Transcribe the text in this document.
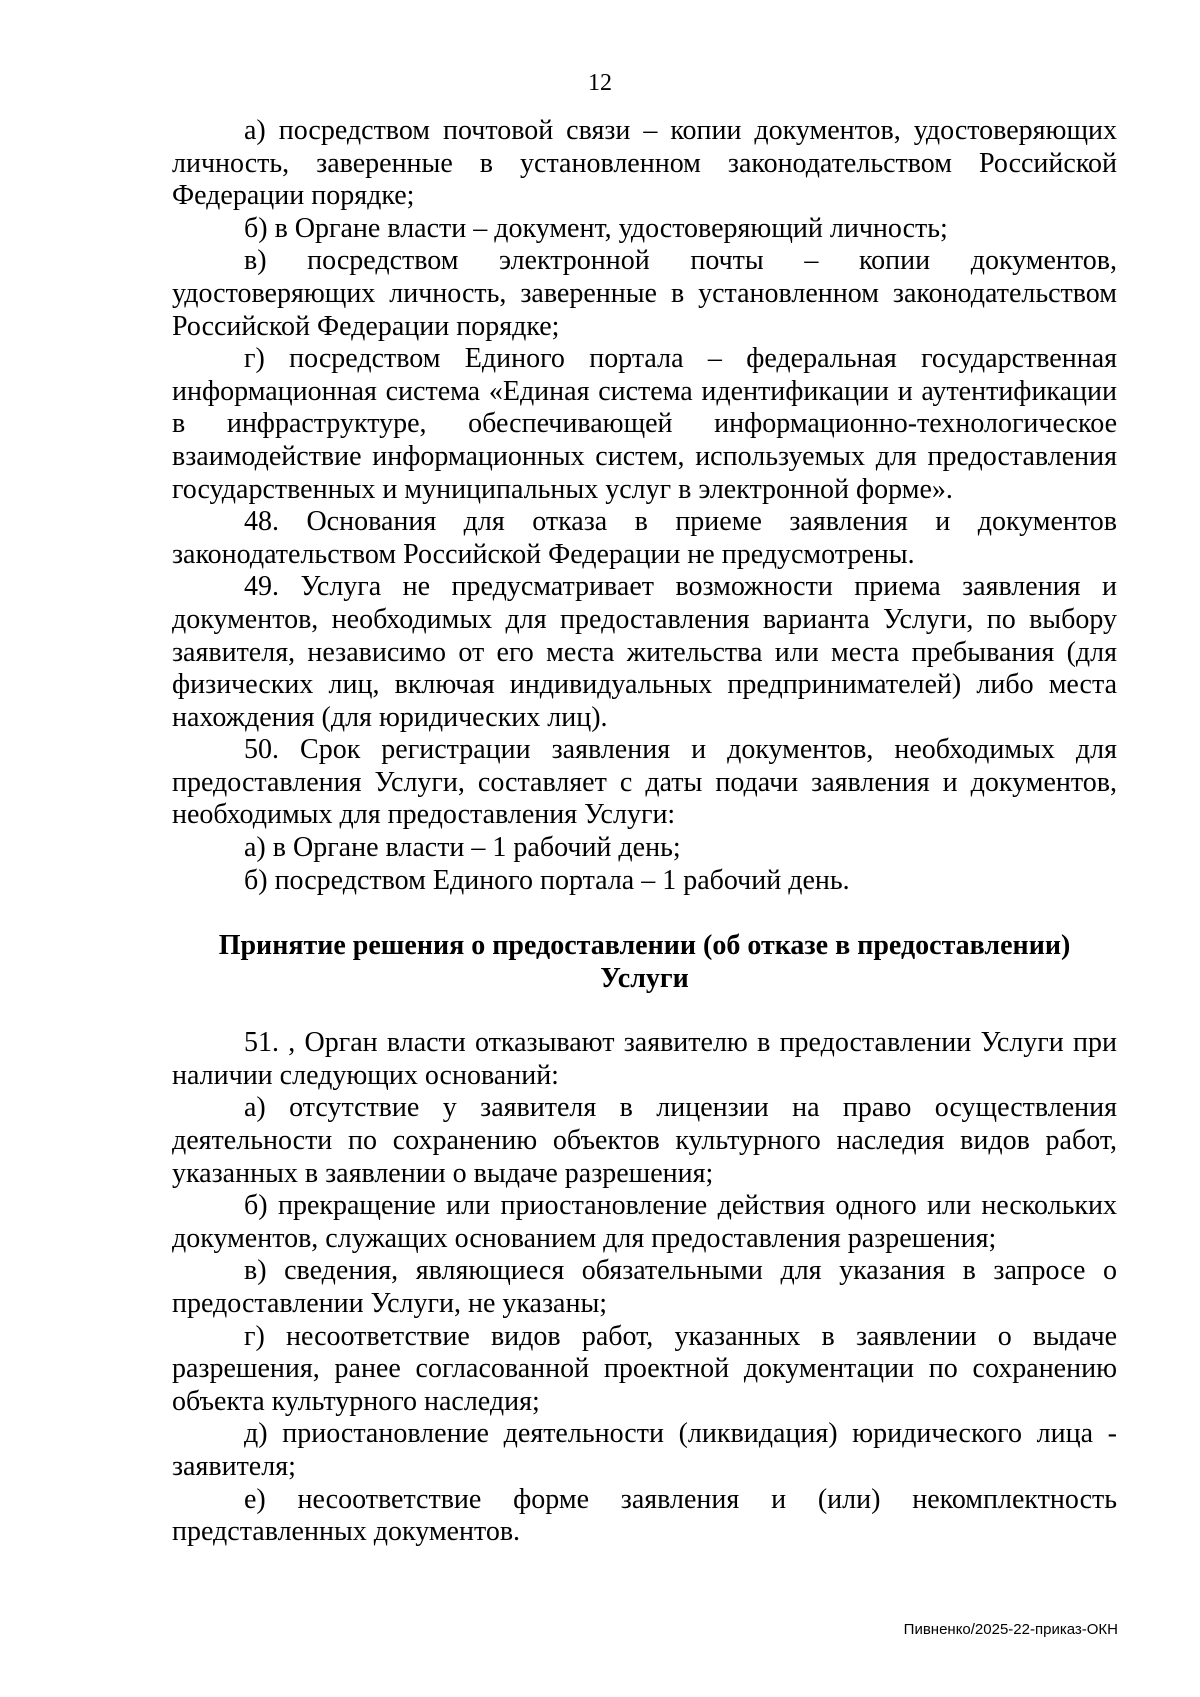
12

а) посредством почтовой связи – копии документов, удостоверяющих личность, заверенные в установленном законодательством Российской Федерации порядке;

б) в Органе власти – документ, удостоверяющий личность;

в) посредством электронной почты – копии документов, удостоверяющих личность, заверенные в установленном законодательством Российской Федерации порядке;

г) посредством Единого портала – федеральная государственная информационная система «Единая система идентификации и аутентификации в инфраструктуре, обеспечивающей информационно-технологическое взаимодействие информационных систем, используемых для предоставления государственных и муниципальных услуг в электронной форме».

48. Основания для отказа в приеме заявления и документов законодательством Российской Федерации не предусмотрены.

49. Услуга не предусматривает возможности приема заявления и документов, необходимых для предоставления варианта Услуги, по выбору заявителя, независимо от его места жительства или места пребывания (для физических лиц, включая индивидуальных предпринимателей) либо места нахождения (для юридических лиц).

50. Срок регистрации заявления и документов, необходимых для предоставления Услуги, составляет с даты подачи заявления и документов, необходимых для предоставления Услуги:

а) в Органе власти – 1 рабочий день;

б) посредством Единого портала – 1 рабочий день.

Принятие решения о предоставлении (об отказе в предоставлении)
Услуги

51. , Орган власти отказывают заявителю в предоставлении Услуги при наличии следующих оснований:

а) отсутствие у заявителя в лицензии на право осуществления деятельности по сохранению объектов культурного наследия видов работ, указанных в заявлении о выдаче разрешения;

б) прекращение или приостановление действия одного или нескольких документов, служащих основанием для предоставления разрешения;

в) сведения, являющиеся обязательными для указания в запросе о предоставлении Услуги, не указаны;

г) несоответствие видов работ, указанных в заявлении о выдаче разрешения, ранее согласованной проектной документации по сохранению объекта культурного наследия;

д) приостановление деятельности (ликвидация) юридического лица - заявителя;

е) несоответствие форме заявления и (или) некомплектность представленных документов.

Пивненко/2025-22-приказ-ОКН
